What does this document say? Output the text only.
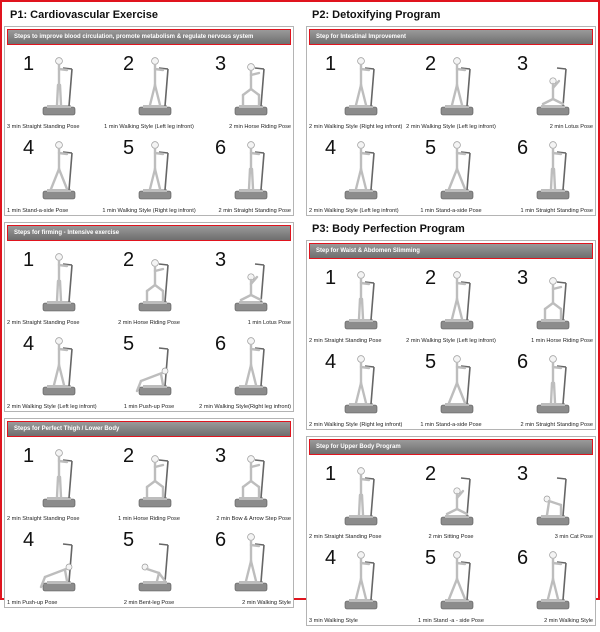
P1: Cardiovascular Exercise
Steps to improve blood circulation, promote metabolism & regulate nervous system
1
3 min Straight Standing Pose
2
1 min Walking Style (Left leg infront)
3
2 min Horse Riding Pose
4
1 min Stand-a-side Pose
5
1 min Walking Style (Right leg infront)
6
2 min Straight Standing Pose
Steps for firming - Intensive exercise
1
2 min Straight Standing Pose
2
2 min Horse Riding Pose
3
1 min Lotus Pose
4
2 min Walking Style (Left leg infront)
5
1 min Push-up Pose
6
2 min Walking Style(Right leg infront)
Steps for Perfect Thigh / Lower Body
1
2 min Straight Standing Pose
2
1 min Horse Riding Pose
3
2 min Bow & Arrow Step Pose
4
1 min Push-up Pose
5
2 min Bent-leg Pose
6
2 min Walking Style
P2: Detoxifying Program
Step for Intestinal Improvement
1
2 min Walking Style (Right leg infront)
2
2 min Walking Style (Left leg infront)
3
2 min Lotus Pose
4
2 min Walking Style (Left leg infront)
5
1 min Stand-a-side Pose
6
1 min Straight Standing Pose
P3: Body Perfection Program
Step for Waist & Abdomen Slimming
1
2 min Straight Standing Pose
2
2 min Walking Style (Left leg infront)
3
1 min Horse Riding Pose
4
2 min Walking Style (Right leg infront)
5
1 min Stand-a-side Pose
6
2 min Straight Standing Pose
Step for Upper Body Program
1
2 min Straight Standing Pose
2
2 min Sitting Pose
3
3 min Cat Pose
4
3 min Walking Style
5
1 min Stand -a - side Pose
6
2 min Walking Style
